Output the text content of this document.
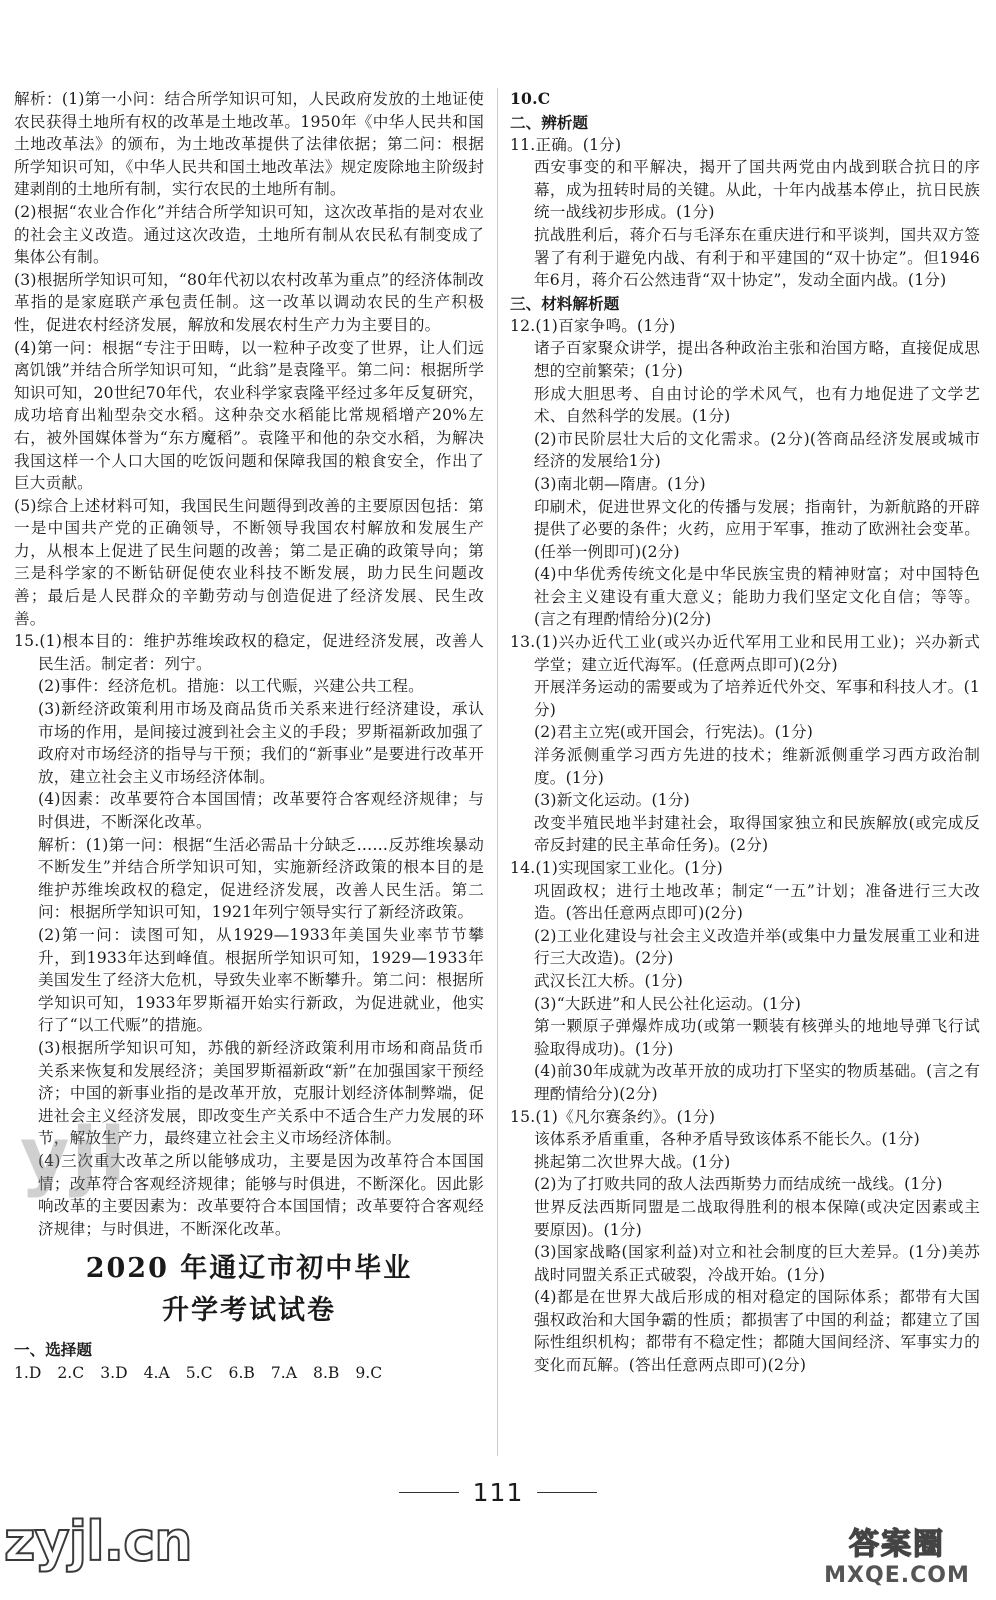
解析：(1)第一小问：结合所学知识可知，人民政府发放的土地证使农民获得土地所有权的改革是土地改革。1950年《中华人民共和国土地改革法》的颁布，为土地改革提供了法律依据；第二问：根据所学知识可知，《中华人民共和国土地改革法》规定废除地主阶级封建剥削的土地所有制，实行农民的土地所有制。

(2)根据“农业合作化”并结合所学知识可知，这次改革指的是对农业的社会主义改造。通过这次改造，土地所有制从农民私有制变成了集体公有制。

(3)根据所学知识可知，“80年代初以农村改革为重点”的经济体制改革指的是家庭联产承包责任制。这一改革以调动农民的生产积极性，促进农村经济发展，解放和发展农村生产力为主要目的。

(4)第一问：根据“专注于田畴，以一粒种子改变了世界，让人们远离饥饿”并结合所学知识可知，“此翁”是袁隆平。第二问：根据所学知识可知，20世纪70年代，农业科学家袁隆平经过多年反复研究，成功培育出籼型杂交水稻。这种杂交水稻能比常规稻增产20%左右，被外国媒体誉为“东方魔稻”。袁隆平和他的杂交水稻，为解决我国这样一个人口大国的吃饭问题和保障我国的粮食安全，作出了巨大贡献。

(5)综合上述材料可知，我国民生问题得到改善的主要原因包括：第一是中国共产党的正确领导，不断领导我国农村解放和发展生产力，从根本上促进了民生问题的改善；第二是正确的政策导向；第三是科学家的不断钻研促使农业科技不断发展，助力民生问题改善；最后是人民群众的辛勤劳动与创造促进了经济发展、民生改善。

15.(1)根本目的：维护苏维埃政权的稳定，促进经济发展，改善人民生活。制定者：列宁。

(2)事件：经济危机。措施：以工代赈，兴建公共工程。

(3)新经济政策利用市场及商品货币关系来进行经济建设，承认市场的作用，是间接过渡到社会主义的手段；罗斯福新政加强了政府对市场经济的指导与干预；我们的“新事业”是要进行改革开放，建立社会主义市场经济体制。

(4)因素：改革要符合本国国情；改革要符合客观经济规律；与时俱进，不断深化改革。

解析：(1)第一问：根据“生活必需品十分缺乏……反苏维埃暴动不断发生”并结合所学知识可知，实施新经济政策的根本目的是维护苏维埃政权的稳定，促进经济发展，改善人民生活。第二问：根据所学知识可知，1921年列宁领导实行了新经济政策。

(2)第一问：读图可知，从1929—1933年美国失业率节节攀升，到1933年达到峰值。根据所学知识可知，1929—1933年美国发生了经济大危机，导致失业率不断攀升。第二问：根据所学知识可知，1933年罗斯福开始实行新政，为促进就业，他实行了“以工代赈”的措施。

(3)根据所学知识可知，苏俄的新经济政策利用市场和商品货币关系来恢复和发展经济；美国罗斯福新政“新”在加强国家干预经济；中国的新事业指的是改革开放，克服计划经济体制弊端，促进社会主义经济发展，即改变生产关系中不适合生产力发展的环节，解放生产力，最终建立社会主义市场经济体制。

(4)三次重大改革之所以能够成功，主要是因为改革符合本国国情；改革符合客观经济规律；能够与时俱进，不断深化。因此影响改革的主要因素为：改革要符合本国国情；改革要符合客观经济规律；与时俱进，不断深化改革。

2020 年通辽市初中毕业
升学考试试卷
一、选择题
1.D 2.C 3.D 4.A 5.C 6.B 7.A 8.B 9.C

10.C

二、辨析题

11.正确。(1分)

西安事变的和平解决，揭开了国共两党由内战到联合抗日的序幕，成为扭转时局的关键。从此，十年内战基本停止，抗日民族统一战线初步形成。(1分)

抗战胜利后，蒋介石与毛泽东在重庆进行和平谈判，国共双方签署了有利于避免内战、有利于和平建国的“双十协定”。但1946年6月，蒋介石公然违背“双十协定”，发动全面内战。(1分)

三、材料解析题

12.(1)百家争鸣。(1分)

诸子百家聚众讲学，提出各种政治主张和治国方略，直接促成思想的空前繁荣；(1分)

形成大胆思考、自由讨论的学术风气，也有力地促进了文学艺术、自然科学的发展。(1分)

(2)市民阶层壮大后的文化需求。(2分)(答商品经济发展或城市经济的发展给1分)

(3)南北朝—隋唐。(1分)

印刷术，促进世界文化的传播与发展；指南针，为新航路的开辟提供了必要的条件；火药，应用于军事，推动了欧洲社会变革。(任举一例即可)(2分)

(4)中华优秀传统文化是中华民族宝贵的精神财富；对中国特色社会主义建设有重大意义；能助力我们坚定文化自信；等等。(言之有理酌情给分)(2分)

13.(1)兴办近代工业(或兴办近代军用工业和民用工业)；兴办新式学堂；建立近代海军。(任意两点即可)(2分)

开展洋务运动的需要或为了培养近代外交、军事和科技人才。(1分)

(2)君主立宪(或开国会，行宪法)。(1分)

洋务派侧重学习西方先进的技术；维新派侧重学习西方政治制度。(1分)

(3)新文化运动。(1分)

改变半殖民地半封建社会，取得国家独立和民族解放(或完成反帝反封建的民主革命任务)。(2分)

14.(1)实现国家工业化。(1分)

巩固政权；进行土地改革；制定“一五”计划；准备进行三大改造。(答出任意两点即可)(2分)

(2)工业化建设与社会主义改造并举(或集中力量发展重工业和进行三大改造)。(2分)

武汉长江大桥。(1分)

(3)“大跃进”和人民公社化运动。(1分)

第一颗原子弹爆炸成功(或第一颗装有核弹头的地地导弹飞行试验取得成功)。(1分)

(4)前30年成就为改革开放的成功打下坚实的物质基础。(言之有理酌情给分)(2分)

15.(1)《凡尔赛条约》。(1分)

该体系矛盾重重，各种矛盾导致该体系不能长久。(1分)

挑起第二次世界大战。(1分)

(2)为了打败共同的敌人法西斯势力而结成统一战线。(1分)

世界反法西斯同盟是二战取得胜利的根本保障(或决定因素或主要原因)。(1分)

(3)国家战略(国家利益)对立和社会制度的巨大差异。(1分)美苏战时同盟关系正式破裂，冷战开始。(1分)

(4)都是在世界大战后形成的相对稳定的国际体系；都带有大国强权政治和大国争霸的性质；都损害了中国的利益；都建立了国际性组织机构；都带有不稳定性；都随大国间经济、军事实力的变化而瓦解。(答出任意两点即可)(2分)

yjl
111
zyjl.cn	答案圈
MXQE.COM
